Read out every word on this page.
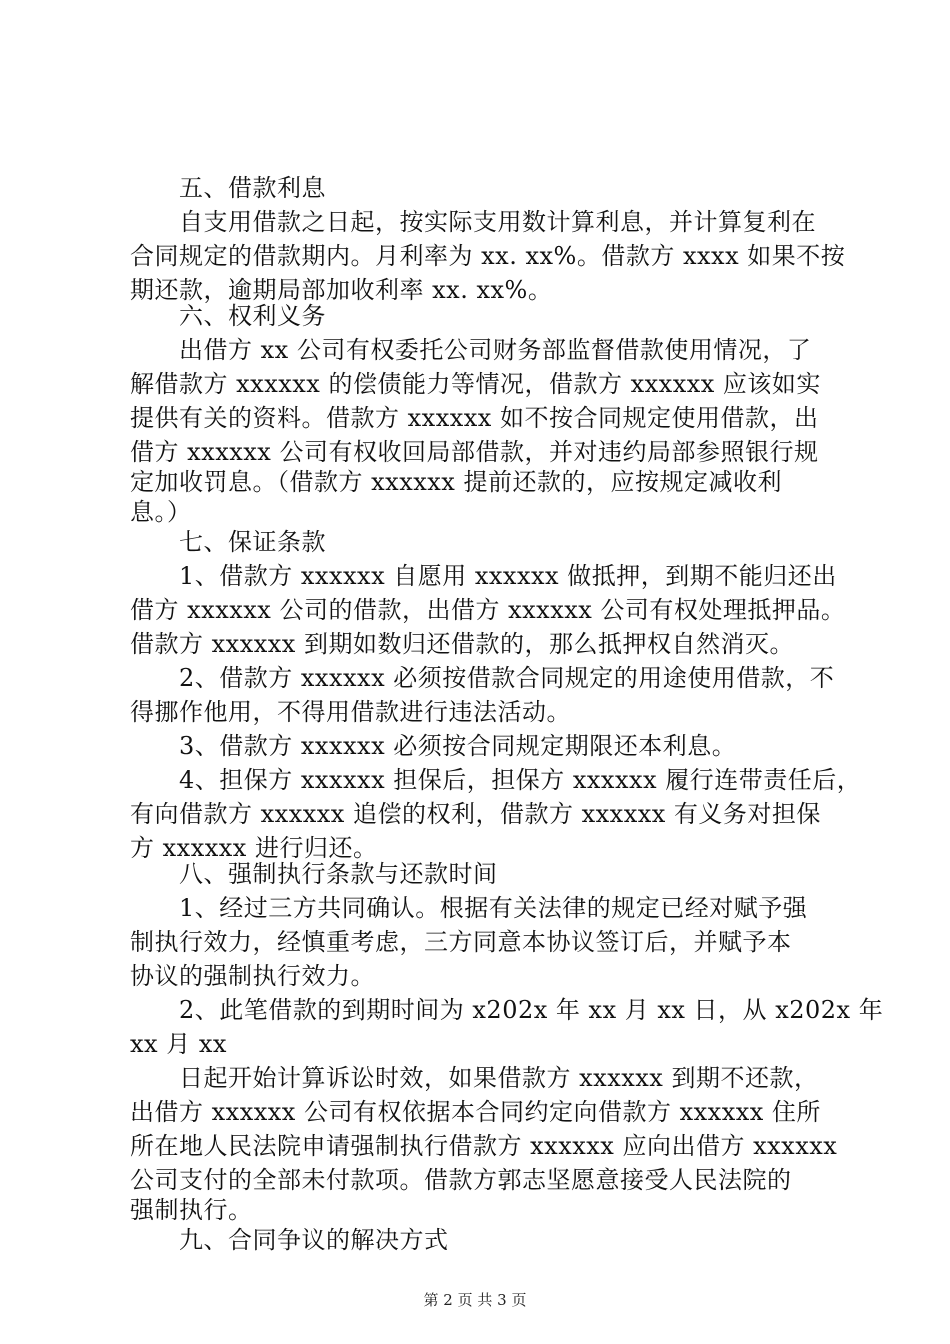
五、借款利息
自支用借款之日起，按实际支用数计算利息，并计算复利在
合同规定的借款期内。月利率为 xx. xx%。借款方 xxxx 如果不按
期还款，逾期局部加收利率 xx. xx%。
六、权利义务
出借方 xx 公司有权委托公司财务部监督借款使用情况，了
解借款方 xxxxxx 的偿债能力等情况，借款方 xxxxxx 应该如实
提供有关的资料。借款方 xxxxxx 如不按合同规定使用借款，出
借方 xxxxxx 公司有权收回局部借款，并对违约局部参照银行规
定加收罚息。（借款方 xxxxxx 提前还款的，应按规定减收利
息。）
七、保证条款
1、借款方 xxxxxx 自愿用 xxxxxx 做抵押，到期不能归还出
借方 xxxxxx 公司的借款，出借方 xxxxxx 公司有权处理抵押品。
借款方 xxxxxx 到期如数归还借款的，那么抵押权自然消灭。
2、借款方 xxxxxx 必须按借款合同规定的用途使用借款，不
得挪作他用，不得用借款进行违法活动。
3、借款方 xxxxxx 必须按合同规定期限还本利息。
4、担保方 xxxxxx 担保后，担保方 xxxxxx 履行连带责任后，
有向借款方 xxxxxx 追偿的权利，借款方 xxxxxx 有义务对担保
方 xxxxxx 进行归还。
八、强制执行条款与还款时间
1、经过三方共同确认。根据有关法律的规定已经对赋予强
制执行效力，经慎重考虑，三方同意本协议签订后，并赋予本
协议的强制执行效力。
2、此笔借款的到期时间为 x202x 年 xx 月 xx 日，从 x202x 年
xx 月 xx
日起开始计算诉讼时效，如果借款方 xxxxxx 到期不还款，
出借方 xxxxxx 公司有权依据本合同约定向借款方 xxxxxx 住所
所在地人民法院申请强制执行借款方 xxxxxx 应向出借方 xxxxxx
公司支付的全部未付款项。借款方郭志坚愿意接受人民法院的
强制执行。
九、合同争议的解决方式
第 2 页 共 3 页
